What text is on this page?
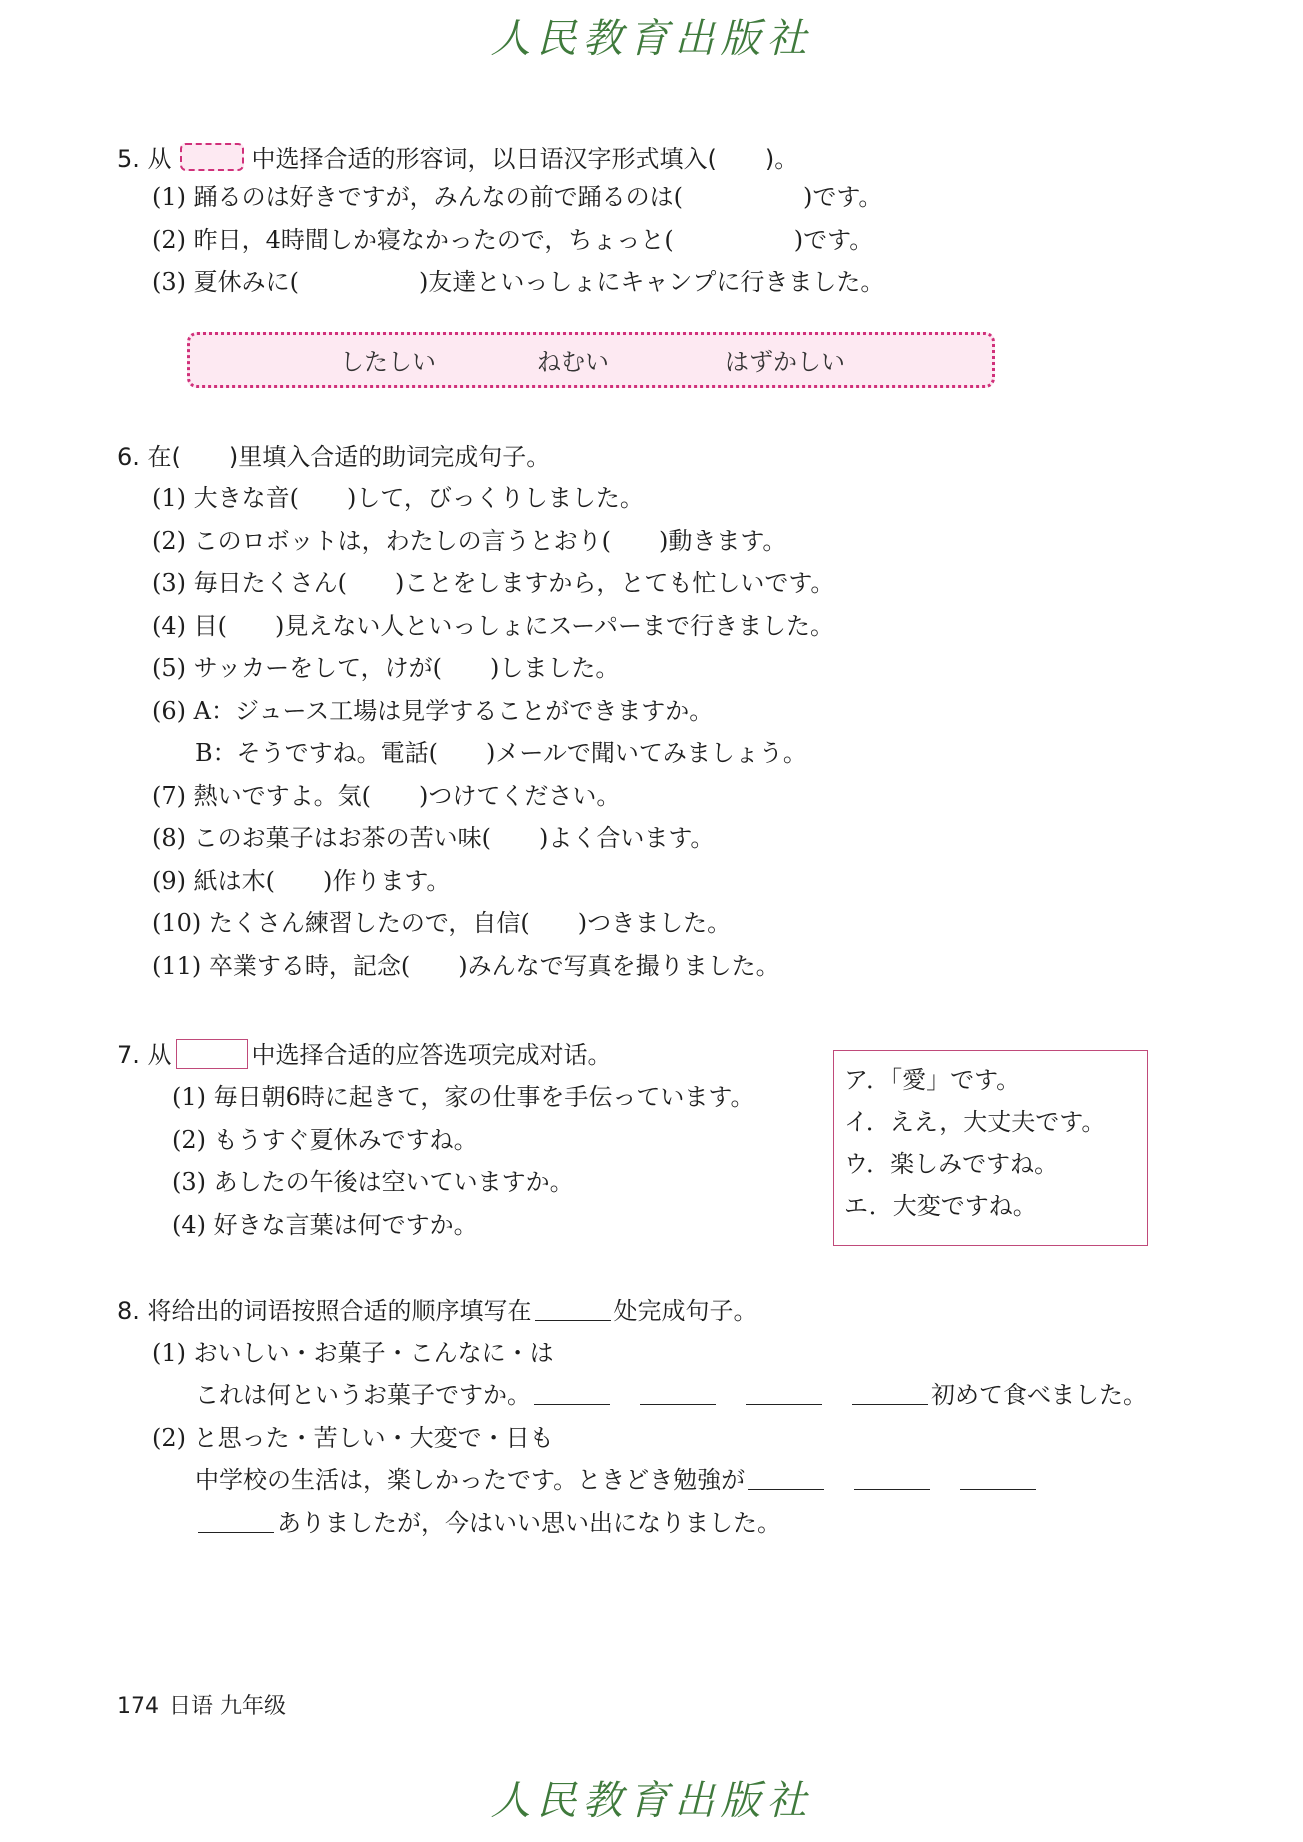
人民教育出版社
5. 从	中选择合适的形容词，以日语汉字形式填入(　　)。
(1) 踊るのは好きですが，みんなの前で踊るのは(　　　　　)です。
(2) 昨日，4時間しか寝なかったので，ちょっと(　　　　　)です。
(3) 夏休みに(　　　　　)友達といっしょにキャンプに行きました。
したしい	ねむい	はずかしい
6. 在(　　)里填入合适的助词完成句子。
(1) 大きな音(　　)して，びっくりしました。
(2) このロボットは，わたしの言うとおり(　　)動きます。
(3) 毎日たくさん(　　)ことをしますから，とても忙しいです。
(4) 目(　　)見えない人といっしょにスーパーまで行きました。
(5) サッカーをして，けが(　　)しました。
(6) A：ジュース工場は見学することができますか。
B：そうですね。電話(　　)メールで聞いてみましょう。
(7) 熱いですよ。気(　　)つけてください。
(8) このお菓子はお茶の苦い味(　　)よく合います。
(9) 紙は木(　　)作ります。
(10) たくさん練習したので，自信(　　)つきました。
(11) 卒業する時，記念(　　)みんなで写真を撮りました。
7. 从	中选择合适的应答选项完成对话。
(1) 毎日朝6時に起きて，家の仕事を手伝っています。
(2) もうすぐ夏休みですね。
(3) あしたの午後は空いていますか。
(4) 好きな言葉は何ですか。
ア．「愛」です。
イ．ええ，大丈夫です。
ウ．楽しみですね。
エ．大変ですね。
8. 将给出的词语按照合适的顺序填写在	处完成句子。
(1) おいしい・お菓子・こんなに・は
これは何というお菓子ですか。　　　	初めて食べました。
(2) と思った・苦しい・大変で・日も
中学校の生活は，楽しかったです。ときどき勉強が　　
ありましたが，今はいい思い出になりました。
174 日语 九年级
人民教育出版社
